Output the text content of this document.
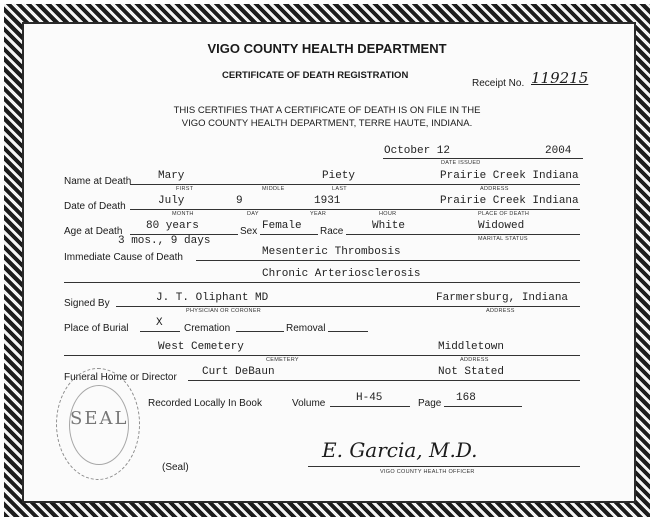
VIGO COUNTY HEALTH DEPARTMENT
CERTIFICATE OF DEATH REGISTRATION
Receipt No. 119215
THIS CERTIFIES THAT A CERTIFICATE OF DEATH IS ON FILE IN THE
VIGO COUNTY HEALTH DEPARTMENT, TERRE HAUTE, INDIANA.
October 12	2004
DATE ISSUED
Name at Death Mary	Piety	Prairie Creek Indiana
FIRST	MIDDLE	LAST	ADDRESS
Date of Death	July	9	1931	Prairie Creek Indiana
MONTH	DAY	YEAR	HOUR	PLACE OF DEATH
Age at Death 80 years
3 mos., 9 days
Sex Female Race	White	Widowed
MARITAL STATUS
Immediate Cause of Death	Mesenteric Thrombosis
Chronic Arteriosclerosis
Signed By	J. T. Oliphant MD	Farmersburg, Indiana
PHYSICIAN OR CORONER	ADDRESS
Place of Burial	X Cremation	Removal
West Cemetery	Middletown
CEMETERY	ADDRESS
Funeral Home or Director Curt DeBaun	Not Stated
Recorded Locally In Book	Volume	H-45	Page 168
SEAL
(Seal)
E. Garcia, M.D.
VIGO COUNTY HEALTH OFFICER
